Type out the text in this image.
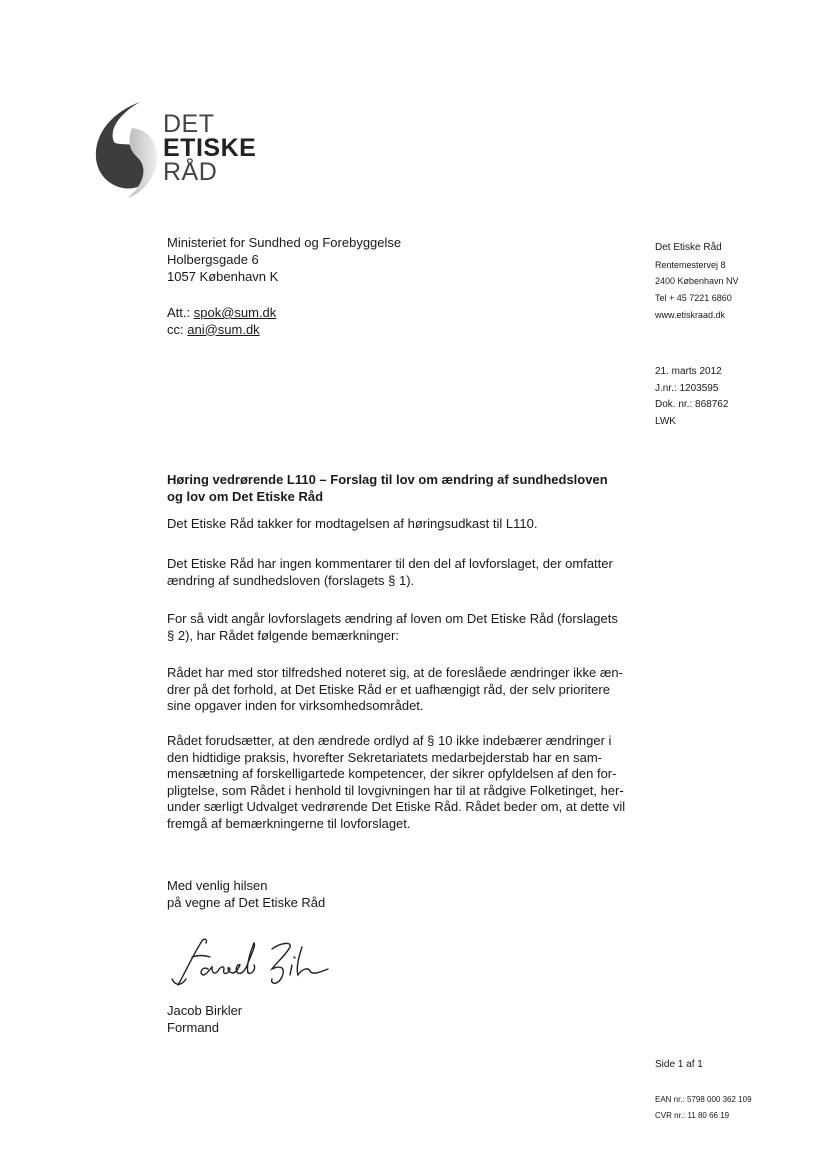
DET
ETISKE
RÅD
Ministeriet for Sundhed og Forebyggelse
Holbergsgade 6
1057 København K
Att.: spok@sum.dk
cc: ani@sum.dk
Det Etiske Råd
Rentemestervej 8
2400 København NV
Tel + 45 7221 6860
www.etiskraad.dk
21. marts 2012
J.nr.: 1203595
Dok. nr.: 868762
LWK
Høring vedrørende L110 – Forslag til lov om ændring af sundhedsloven
og lov om Det Etiske Råd
Det Etiske Råd takker for modtagelsen af høringsudkast til L110.
Det Etiske Råd har ingen kommentarer til den del af lovforslaget, der omfatter
ændring af sundhedsloven (forslagets § 1).
For så vidt angår lovforslagets ændring af loven om Det Etiske Råd (forslagets
§ 2), har Rådet følgende bemærkninger:
Rådet har med stor tilfredshed noteret sig, at de foreslåede ændringer ikke æn-
drer på det forhold, at Det Etiske Råd er et uafhængigt råd, der selv prioritere
sine opgaver inden for virksomhedsområdet.
Rådet forudsætter, at den ændrede ordlyd af § 10 ikke indebærer ændringer i
den hidtidige praksis, hvorefter Sekretariatets medarbejderstab har en sam-
mensætning af forskelligartede kompetencer, der sikrer opfyldelsen af den for-
pligtelse, som Rådet i henhold til lovgivningen har til at rådgive Folketinget, her-
under særligt Udvalget vedrørende Det Etiske Råd. Rådet beder om, at dette vil
fremgå af bemærkningerne til lovforslaget.
Med venlig hilsen
på vegne af Det Etiske Råd
Jacob Birkler
Formand
Side 1 af 1
EAN nr.: 5798 000 362 109
CVR nr.: 11 80 66 19
